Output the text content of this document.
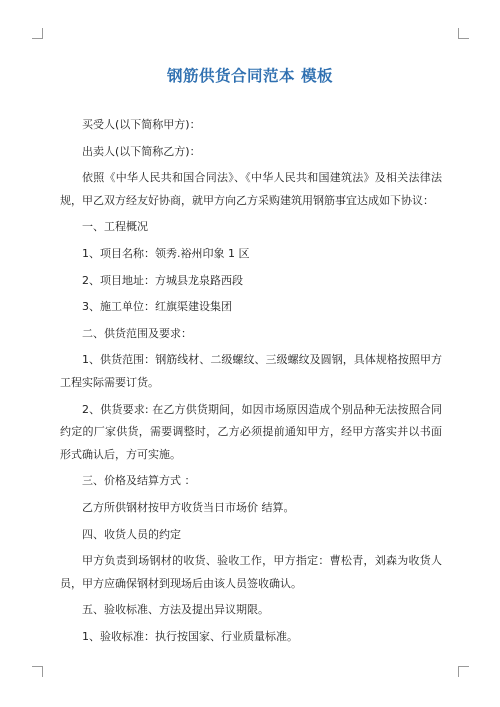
钢筋供货合同范本 模板

买受人(以下简称甲方)：

出卖人(以下简称乙方)：

依照《中华人民共和国合同法》、《中华人民共和国建筑法》及相关法律法规，甲乙双方经友好协商，就甲方向乙方采购建筑用钢筋事宜达成如下协议：

一、工程概况

1、项目名称：领秀.裕州印象 1 区

2、项目地址：方城县龙泉路西段

3、施工单位：红旗渠建设集团

二、供货范围及要求：

1、供货范围：钢筋线材、二级螺纹、三级螺纹及圆钢，具体规格按照甲方工程实际需要订货。

2、供货要求: 在乙方供货期间，如因市场原因造成个别品种无法按照合同约定的厂家供货，需要调整时，乙方必须提前通知甲方，经甲方落实并以书面形式确认后，方可实施。

三、价格及结算方式 ：

乙方所供钢材按甲方收货当日市场价 结算。

四、收货人员的约定

甲方负责到场钢材的收货、验收工作，甲方指定：曹松青，刘森为收货人员，甲方应确保钢材到现场后由该人员签收确认。

五、验收标准、方法及提出异议期限。

1、验收标准：执行按国家、行业质量标准。
